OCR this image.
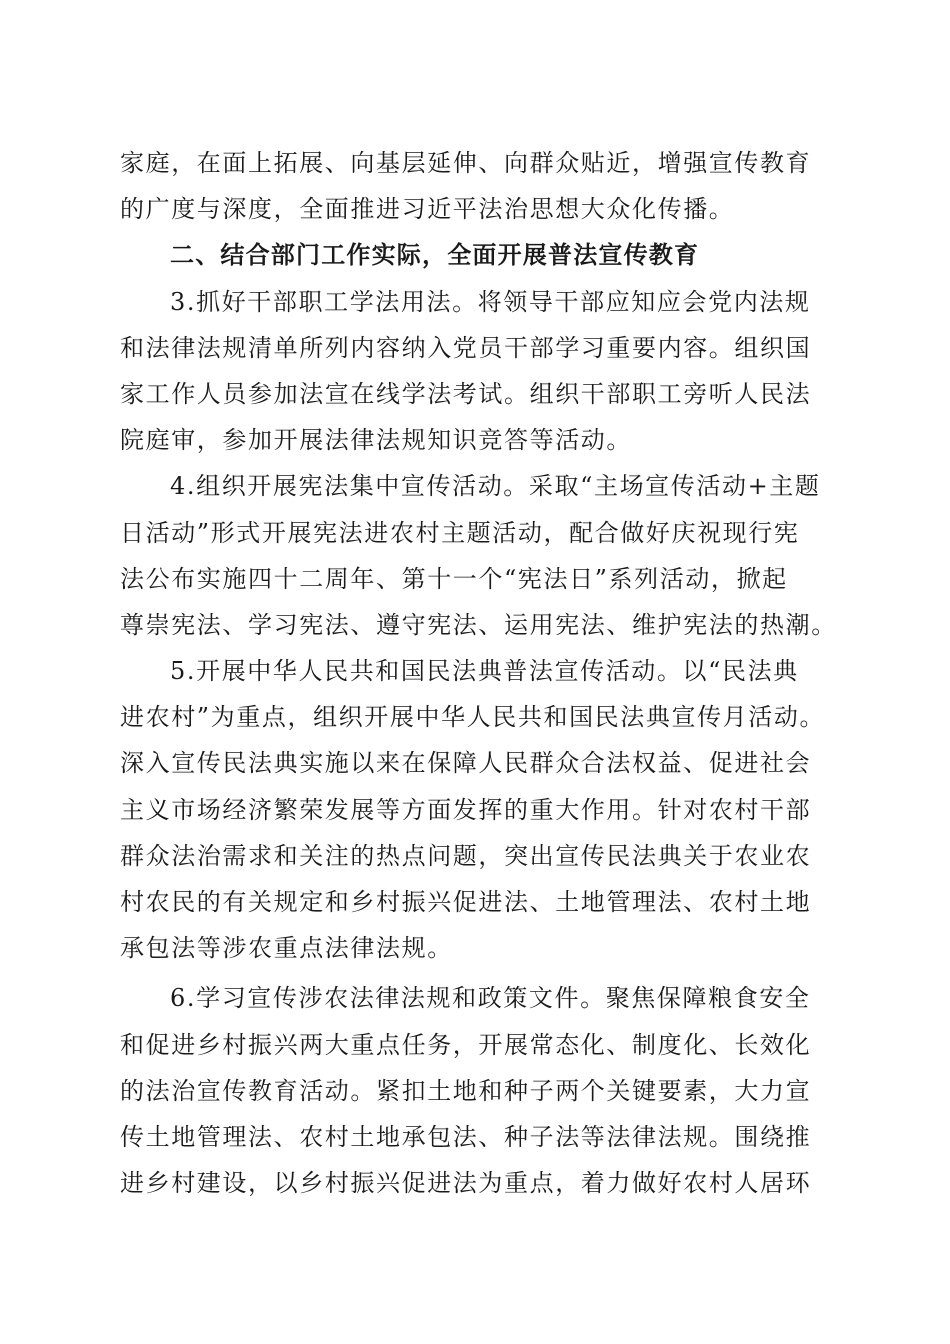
家庭，在面上拓展、向基层延伸、向群众贴近，增强宣传教育
的广度与深度，全面推进习近平法治思想大众化传播。
二、结合部门工作实际，全面开展普法宣传教育
3.抓好干部职工学法用法。将领导干部应知应会党内法规
和法律法规清单所列内容纳入党员干部学习重要内容。组织国
家工作人员参加法宣在线学法考试。组织干部职工旁听人民法
院庭审，参加开展法律法规知识竞答等活动。
4.组织开展宪法集中宣传活动。采取“主场宣传活动+主题
日活动”形式开展宪法进农村主题活动，配合做好庆祝现行宪
法公布实施四十二周年、第十一个“宪法日”系列活动，掀起
尊崇宪法、学习宪法、遵守宪法、运用宪法、维护宪法的热潮。
5.开展中华人民共和国民法典普法宣传活动。以“民法典
进农村”为重点，组织开展中华人民共和国民法典宣传月活动。
深入宣传民法典实施以来在保障人民群众合法权益、促进社会
主义市场经济繁荣发展等方面发挥的重大作用。针对农村干部
群众法治需求和关注的热点问题，突出宣传民法典关于农业农
村农民的有关规定和乡村振兴促进法、土地管理法、农村土地
承包法等涉农重点法律法规。
6.学习宣传涉农法律法规和政策文件。聚焦保障粮食安全
和促进乡村振兴两大重点任务，开展常态化、制度化、长效化
的法治宣传教育活动。紧扣土地和种子两个关键要素，大力宣
传土地管理法、农村土地承包法、种子法等法律法规。围绕推
进乡村建设，以乡村振兴促进法为重点，着力做好农村人居环
